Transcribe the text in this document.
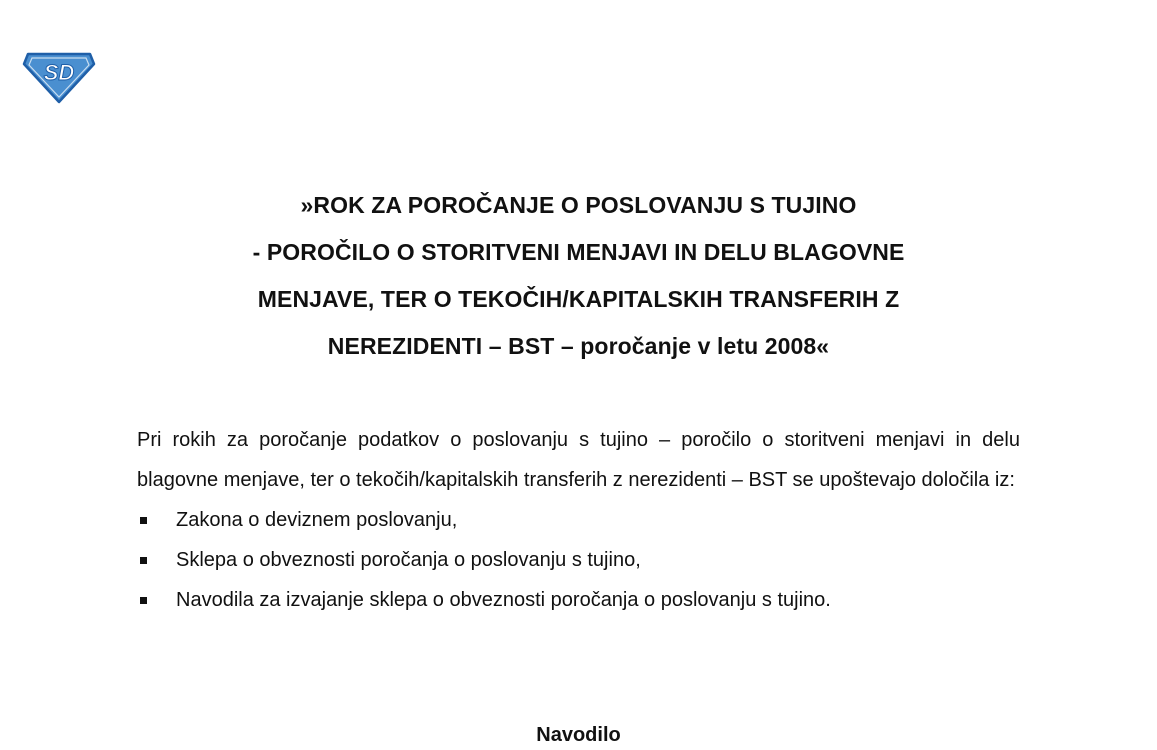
SD

»ROK ZA POROČANJE O POSLOVANJU S TUJINO

- POROČILO O STORITVENI MENJAVI IN DELU BLAGOVNE

MENJAVE, TER O TEKOČIH/KAPITALSKIH TRANSFERIH Z

NEREZIDENTI – BST – poročanje v letu 2008«

Pri rokih za poročanje podatkov o poslovanju s tujino – poročilo o storitveni menjavi in delu blagovne menjave, ter o tekočih/kapitalskih transferih z nerezidenti – BST se upoštevajo določila iz:

Zakona o deviznem poslovanju,
Sklepa o obveznosti poročanja o poslovanju s tujino,
Navodila za izvajanje sklepa o obveznosti poročanja o poslovanju s tujino.
Navodilo
